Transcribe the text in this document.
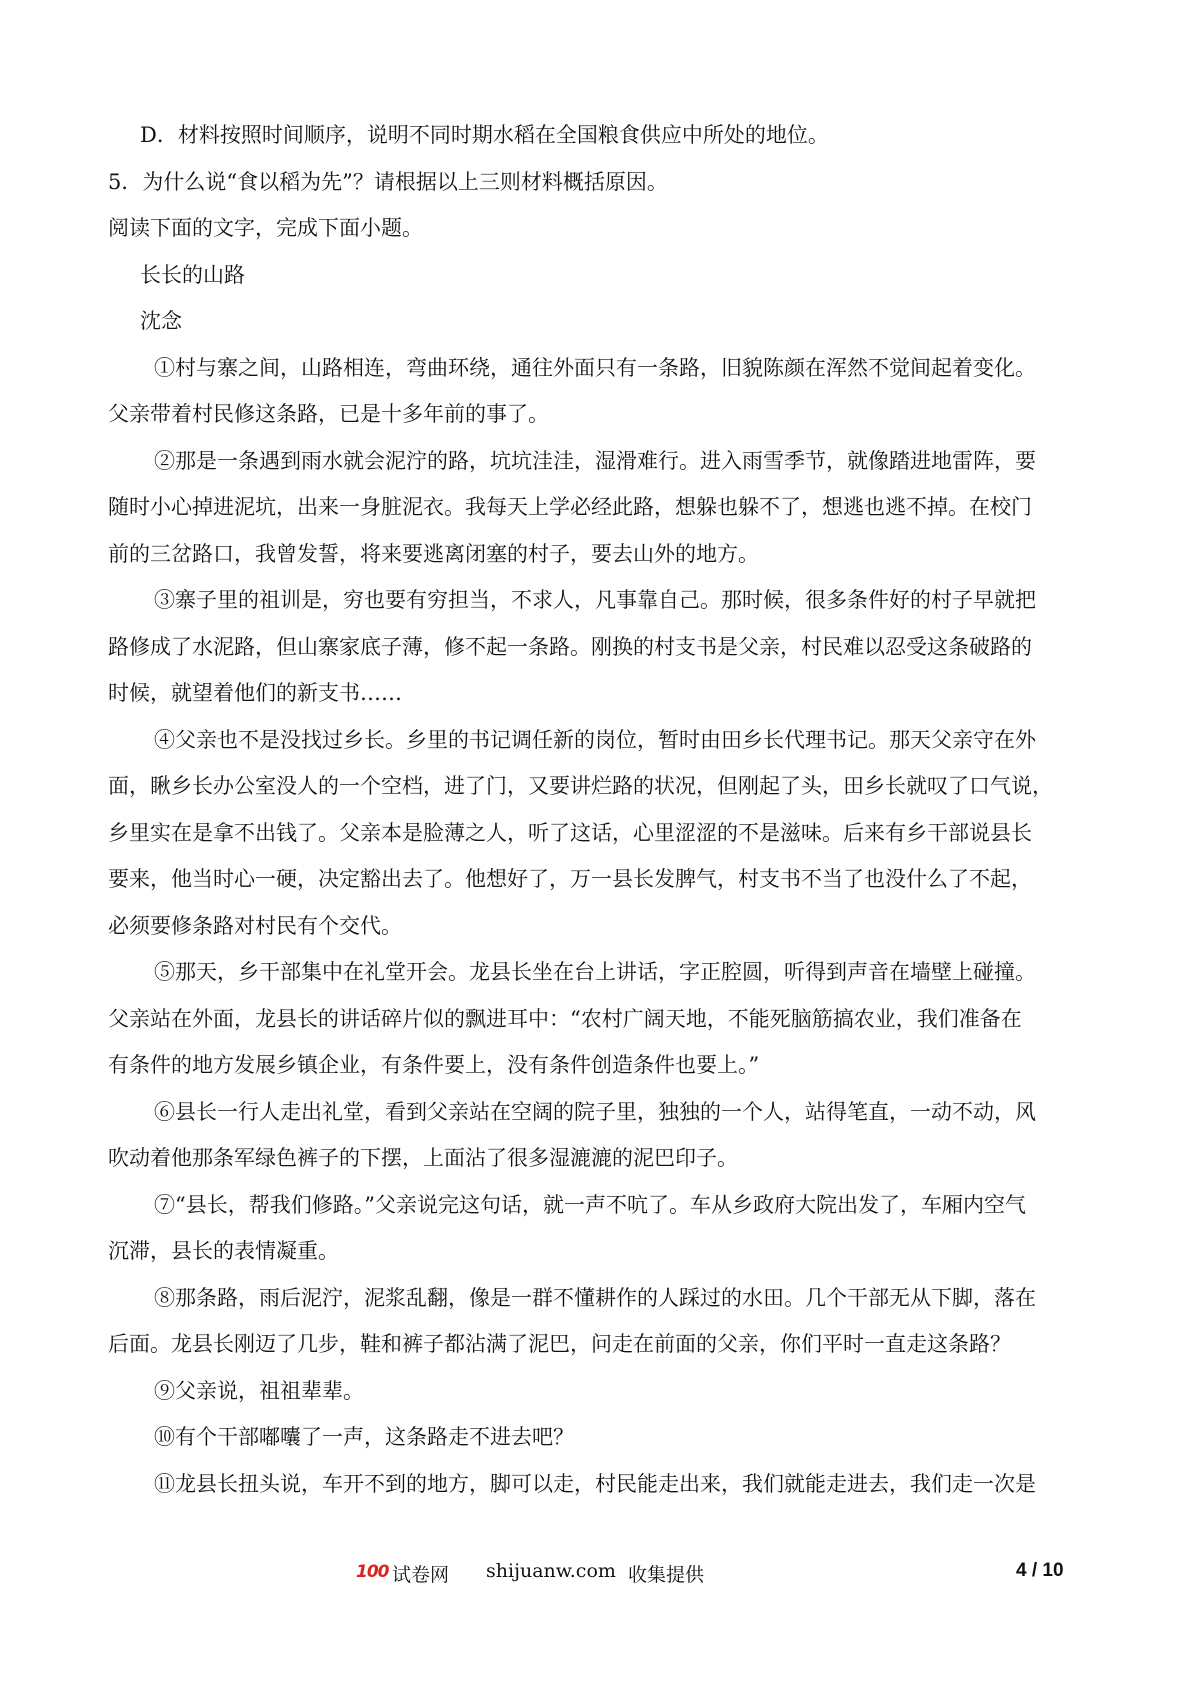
D．材料按照时间顺序，说明不同时期水稻在全国粮食供应中所处的地位。
5．为什么说“食以稻为先”？请根据以上三则材料概括原因。
阅读下面的文字，完成下面小题。
长长的山路
沈念
①村与寨之间，山路相连，弯曲环绕，通往外面只有一条路，旧貌陈颜在浑然不觉间起着变化。
父亲带着村民修这条路，已是十多年前的事了。
②那是一条遇到雨水就会泥泞的路，坑坑洼洼，湿滑难行。进入雨雪季节，就像踏进地雷阵，要
随时小心掉进泥坑，出来一身脏泥衣。我每天上学必经此路，想躲也躲不了，想逃也逃不掉。在校门
前的三岔路口，我曾发誓，将来要逃离闭塞的村子，要去山外的地方。
③寨子里的祖训是，穷也要有穷担当，不求人，凡事靠自己。那时候，很多条件好的村子早就把
路修成了水泥路，但山寨家底子薄，修不起一条路。刚换的村支书是父亲，村民难以忍受这条破路的
时候，就望着他们的新支书……
④父亲也不是没找过乡长。乡里的书记调任新的岗位，暂时由田乡长代理书记。那天父亲守在外
面，瞅乡长办公室没人的一个空档，进了门，又要讲烂路的状况，但刚起了头，田乡长就叹了口气说，
乡里实在是拿不出钱了。父亲本是脸薄之人，听了这话，心里涩涩的不是滋味。后来有乡干部说县长
要来，他当时心一硬，决定豁出去了。他想好了，万一县长发脾气，村支书不当了也没什么了不起，
必须要修条路对村民有个交代。
⑤那天，乡干部集中在礼堂开会。龙县长坐在台上讲话，字正腔圆，听得到声音在墙壁上碰撞。
父亲站在外面，龙县长的讲话碎片似的飘进耳中：“农村广阔天地，不能死脑筋搞农业，我们准备在
有条件的地方发展乡镇企业，有条件要上，没有条件创造条件也要上。”
⑥县长一行人走出礼堂，看到父亲站在空阔的院子里，独独的一个人，站得笔直，一动不动，风
吹动着他那条军绿色裤子的下摆，上面沾了很多湿漉漉的泥巴印子。
⑦“县长，帮我们修路。”父亲说完这句话，就一声不吭了。车从乡政府大院出发了，车厢内空气
沉滞，县长的表情凝重。
⑧那条路，雨后泥泞，泥浆乱翻，像是一群不懂耕作的人踩过的水田。几个干部无从下脚，落在
后面。龙县长刚迈了几步，鞋和裤子都沾满了泥巴，问走在前面的父亲，你们平时一直走这条路？
⑨父亲说，祖祖辈辈。
⑩有个干部嘟囔了一声，这条路走不进去吧？
⑪龙县长扭头说，车开不到的地方，脚可以走，村民能走出来，我们就能走进去，我们走一次是
100 试卷网 shijuanw.com 收集提供	4 / 10
